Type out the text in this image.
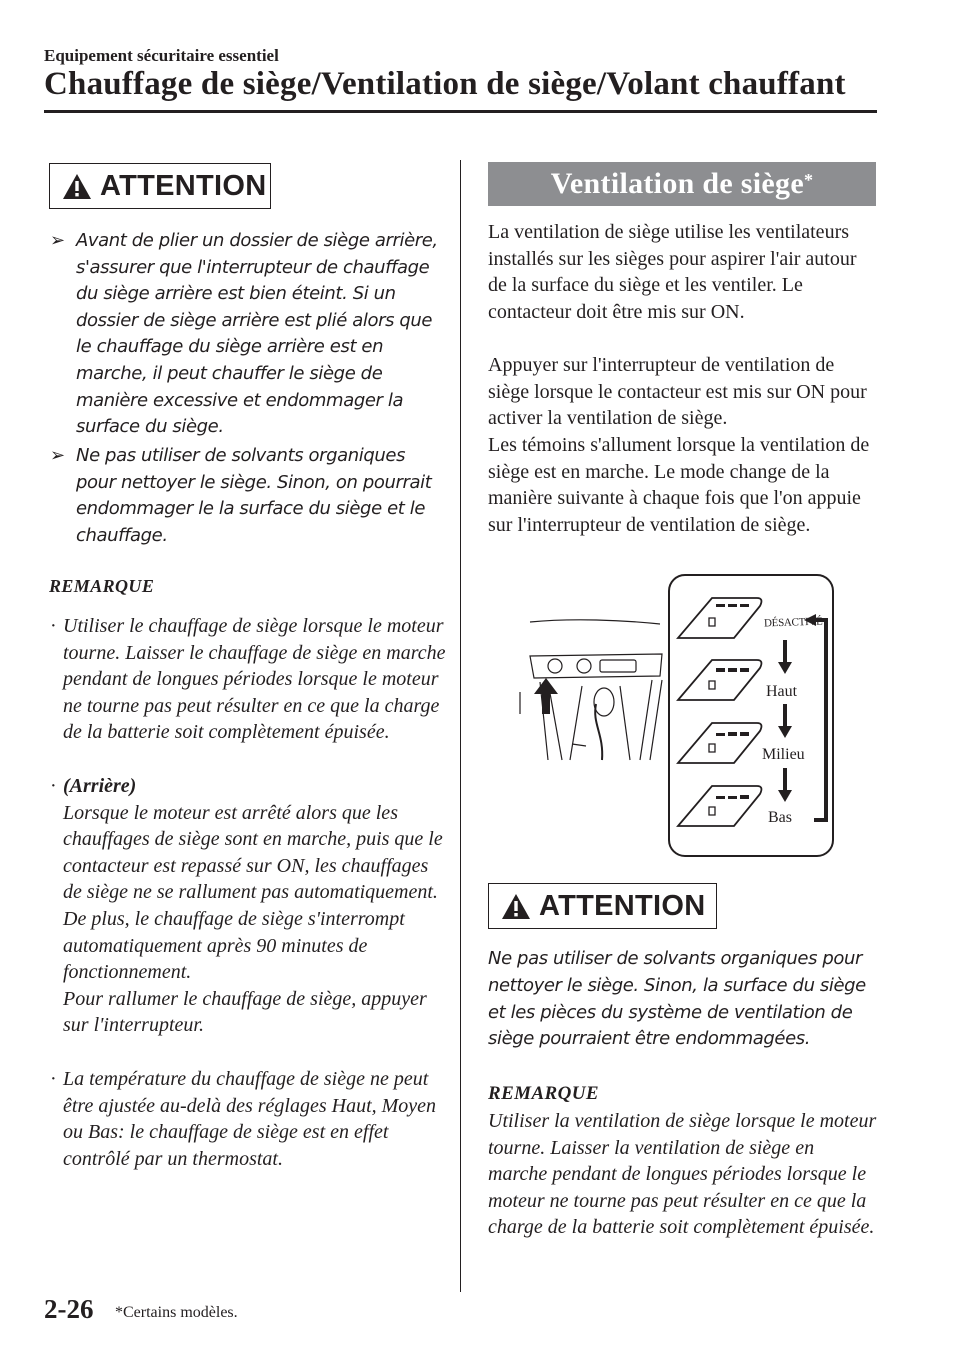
Equipement sécuritaire essentiel
Chauffage de siège/Ventilation de siège/Volant chauffant
ATTENTION
➢ Avant de plier un dossier de siège arrière, s'assurer que l'interrupteur de chauffage du siège arrière est bien éteint. Si un dossier de siège arrière est plié alors que le chauffage du siège arrière est en marche, il peut chauffer le siège de manière excessive et endommager la surface du siège.
➢ Ne pas utiliser de solvants organiques pour nettoyer le siège. Sinon, on pourrait endommager le la surface du siège et le chauffage.
REMARQUE
· Utiliser le chauffage de siège lorsque le moteur tourne. Laisser le chauffage de siège en marche pendant de longues périodes lorsque le moteur ne tourne pas peut résulter en ce que la charge de la batterie soit complètement épuisée.
· (Arrière)
Lorsque le moteur est arrêté alors que les chauffages de siège sont en marche, puis que le contacteur est repassé sur ON, les chauffages de siège ne se rallument pas automatiquement. De plus, le chauffage de siège s'interrompt automatiquement après 90 minutes de fonctionnement.
Pour rallumer le chauffage de siège, appuyer sur l'interrupteur.
· La température du chauffage de siège ne peut être ajustée au-delà des réglages Haut, Moyen ou Bas: le chauffage de siège est en effet contrôlé par un thermostat.
Ventilation de siège*
La ventilation de siège utilise les ventilateurs installés sur les sièges pour aspirer l'air autour de la surface du siège et les ventiler. Le contacteur doit être mis sur ON.
Appuyer sur l'interrupteur de ventilation de siège lorsque le contacteur est mis sur ON pour activer la ventilation de siège.
Les témoins s'allument lorsque la ventilation de siège est en marche. Le mode change de la manière suivante à chaque fois que l'on appuie sur l'interrupteur de ventilation de siège.
DÉSACTIVÉ
Haut
Milieu
Bas
ATTENTION
Ne pas utiliser de solvants organiques pour nettoyer le siège. Sinon, la surface du siège et les pièces du système de ventilation de siège pourraient être endommagées.
REMARQUE
Utiliser la ventilation de siège lorsque le moteur tourne. Laisser la ventilation de siège en marche pendant de longues périodes lorsque le moteur ne tourne pas peut résulter en ce que la charge de la batterie soit complètement épuisée.
2-26 *Certains modèles.
